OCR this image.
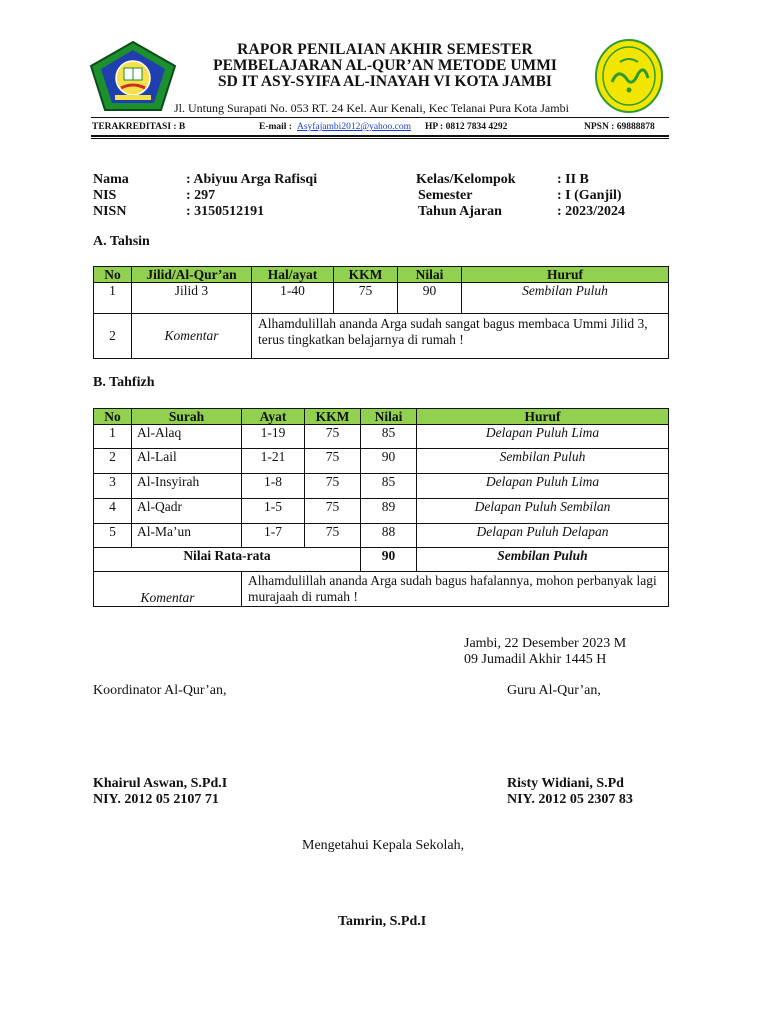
RAPOR PENILAIAN AKHIR SEMESTER
PEMBELAJARAN AL-QUR’AN METODE UMMI
SD IT ASY-SYIFA AL-INAYAH VI KOTA JAMBI
Jl. Untung Surapati No. 053 RT. 24 Kel. Aur Kenali, Kec Telanai Pura Kota Jambi
TERAKREDITASI : B	E-mail : Asyfajambi2012@yahoo.com HP : 0812 7834 4292	NPSN : 69888878
Nama	: Abiyuu Arga Rafisqi
NIS	: 297
NISN	: 3150512191
Kelas/Kelompok	: II B
Semester	: I (Ganjil)
Tahun Ajaran	: 2023/2024
A. Tahsin
No	Jilid/Al-Qur’an	Hal/ayat	KKM	Nilai	Huruf
1	Jilid 3	1-40	75	90	Sembilan Puluh
2	Komentar	Alhamdulillah ananda Arga sudah sangat bagus membaca Ummi Jilid 3, terus tingkatkan belajarnya di rumah !			
B. Tahfizh
No	Surah	Ayat	KKM	Nilai	Huruf
1	Al-Alaq	1-19	75	85	Delapan Puluh Lima
2	Al-Lail	1-21	75	90	Sembilan Puluh
3	Al-Insyirah	1-8	75	85	Delapan Puluh Lima
4	Al-Qadr	1-5	75	89	Delapan Puluh Sembilan
5	Al-Ma’un	1-7	75	88	Delapan Puluh Delapan
Nilai Rata-rata				90	Sembilan Puluh
Komentar		Alhamdulillah ananda Arga sudah bagus hafalannya, mohon perbanyak lagi murajaah di rumah !			
Jambi, 22 Desember 2023 M
09 Jumadil Akhir 1445 H
Koordinator Al-Qur’an,	Guru Al-Qur’an,
Khairul Aswan, S.Pd.I
NIY. 2012 05 2107 71
Risty Widiani, S.Pd
NIY. 2012 05 2307 83
Mengetahui Kepala Sekolah,
Tamrin, S.Pd.I
